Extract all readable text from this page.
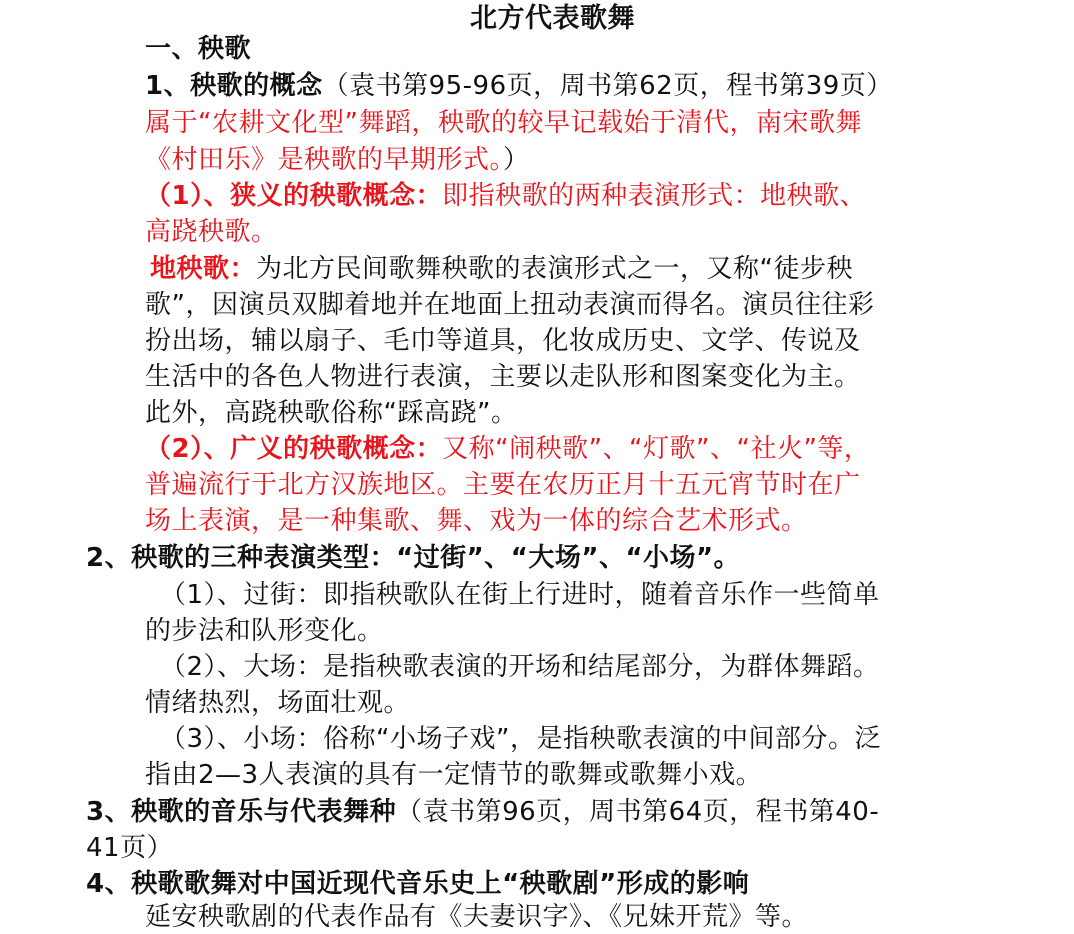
北方代表歌舞
一、秧歌
1、秧歌的概念（袁书第95-96页，周书第62页，程书第39页）
属于“农耕文化型”舞蹈，秧歌的较早记载始于清代，南宋歌舞
《村田乐》是秧歌的早期形式。）
（1）、狭义的秧歌概念：即指秧歌的两种表演形式：地秧歌、
高跷秧歌。
地秧歌：为北方民间歌舞秧歌的表演形式之一，又称“徒步秧
歌”，因演员双脚着地并在地面上扭动表演而得名。演员往往彩
扮出场，辅以扇子、毛巾等道具，化妆成历史、文学、传说及
生活中的各色人物进行表演，主要以走队形和图案变化为主。
此外，高跷秧歌俗称“踩高跷”。
（2）、广义的秧歌概念：又称“闹秧歌”、“灯歌”、“社火”等，
普遍流行于北方汉族地区。主要在农历正月十五元宵节时在广
场上表演，是一种集歌、舞、戏为一体的综合艺术形式。
2、秧歌的三种表演类型：“过街”、“大场”、“小场”。
（1）、过街：即指秧歌队在街上行进时，随着音乐作一些简单
的步法和队形变化。
（2）、大场：是指秧歌表演的开场和结尾部分，为群体舞蹈。
情绪热烈，场面壮观。
（3）、小场：俗称“小场子戏”，是指秧歌表演的中间部分。泛
指由2—3人表演的具有一定情节的歌舞或歌舞小戏。
3、秧歌的音乐与代表舞种（袁书第96页，周书第64页，程书第40-
41页）
4、秧歌歌舞对中国近现代音乐史上“秧歌剧”形成的影响
延安秧歌剧的代表作品有《夫妻识字》、《兄妹开荒》等。
